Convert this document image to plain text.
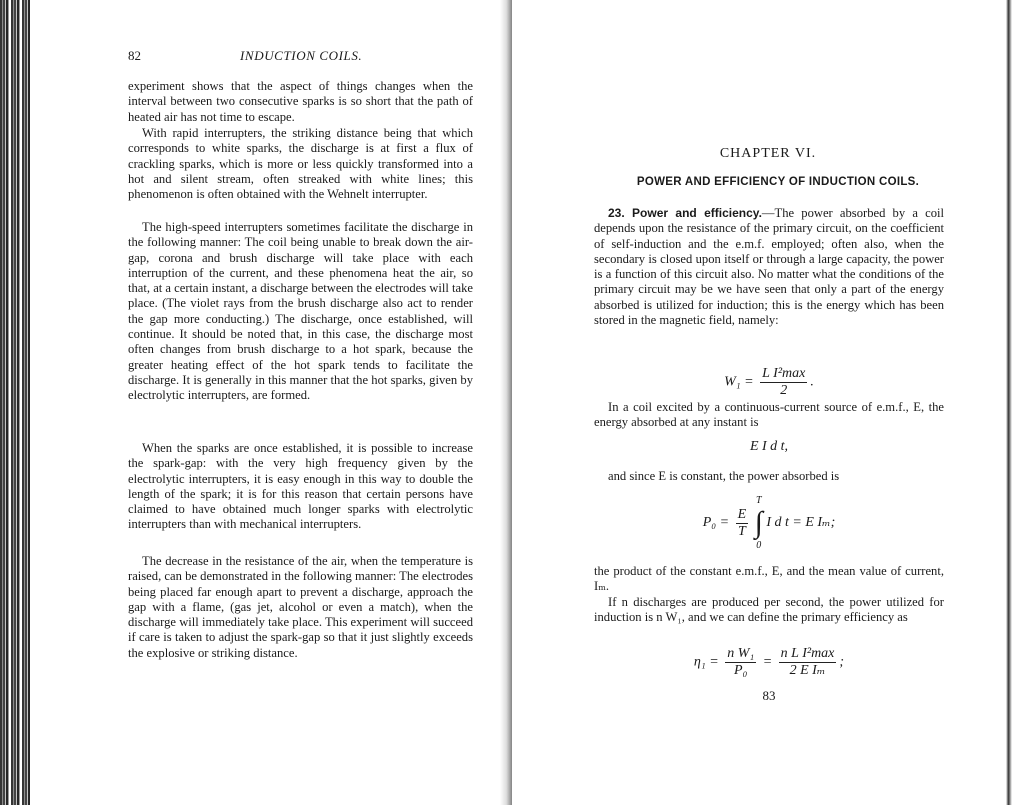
82	INDUCTION COILS.

experiment shows that the aspect of things changes when the interval between two consecutive sparks is so short that the path of heated air has not time to escape.

With rapid interrupters, the striking distance being that which corresponds to white sparks, the discharge is at first a flux of crackling sparks, which is more or less quickly transformed into a hot and silent stream, often streaked with white lines; this phenomenon is often obtained with the Wehnelt interrupter.

The high-speed interrupters sometimes facilitate the discharge in the following manner: The coil being unable to break down the air-gap, corona and brush discharge will take place with each interruption of the current, and these phenomena heat the air, so that, at a certain instant, a discharge between the electrodes will take place. (The violet rays from the brush discharge also act to render the gap more conducting.) The discharge, once established, will continue. It should be noted that, in this case, the discharge most often changes from brush discharge to a hot spark, because the greater heating effect of the hot spark tends to facilitate the discharge. It is generally in this manner that the hot sparks, given by electrolytic interrupters, are formed.

When the sparks are once established, it is possible to increase the spark-gap: with the very high frequency given by the electrolytic interrupters, it is easy enough in this way to double the length of the spark; it is for this reason that certain persons have claimed to have obtained much longer sparks with electrolytic interrupters than with mechanical interrupters.

The decrease in the resistance of the air, when the temperature is raised, can be demonstrated in the following manner: The electrodes being placed far enough apart to prevent a discharge, approach the gap with a flame, (gas jet, alcohol or even a match), when the discharge will immediately take place. This experiment will succeed if care is taken to adjust the spark-gap so that it just slightly exceeds the explosive or striking distance.

CHAPTER VI.
POWER AND EFFICIENCY OF INDUCTION COILS.

23. Power and efficiency.—The power absorbed by a coil depends upon the resistance of the primary circuit, on the coefficient of self-induction and the e.m.f. employed; often also, when the secondary is closed upon itself or through a large capacity, the power is a function of this circuit also. No matter what the conditions of the primary circuit may be we have seen that only a part of the energy absorbed is utilized for induction; this is the energy which has been stored in the magnetic field, namely:

$W_1 = \frac{\text{L I²max}}{2}$ .

In a coil excited by a continuous-current source of e.m.f., E, the energy absorbed at any instant is

E I d t,

and since E is constant, the power absorbed is

$P_0 = \frac{E}{T}$

T
∫
0
I d t = E Iₘ;

the product of the constant e.m.f., E, and the mean value of current, Iₘ.

If n discharges are produced per second, the power utilized for induction is n W₁, and we can define the primary efficiency as

$\eta_1 = \frac{\text{n W₁}}{\text{P₀}} = \frac{\text{n L I²max}}{\text{2 E Iₘ}}$ ;
83
